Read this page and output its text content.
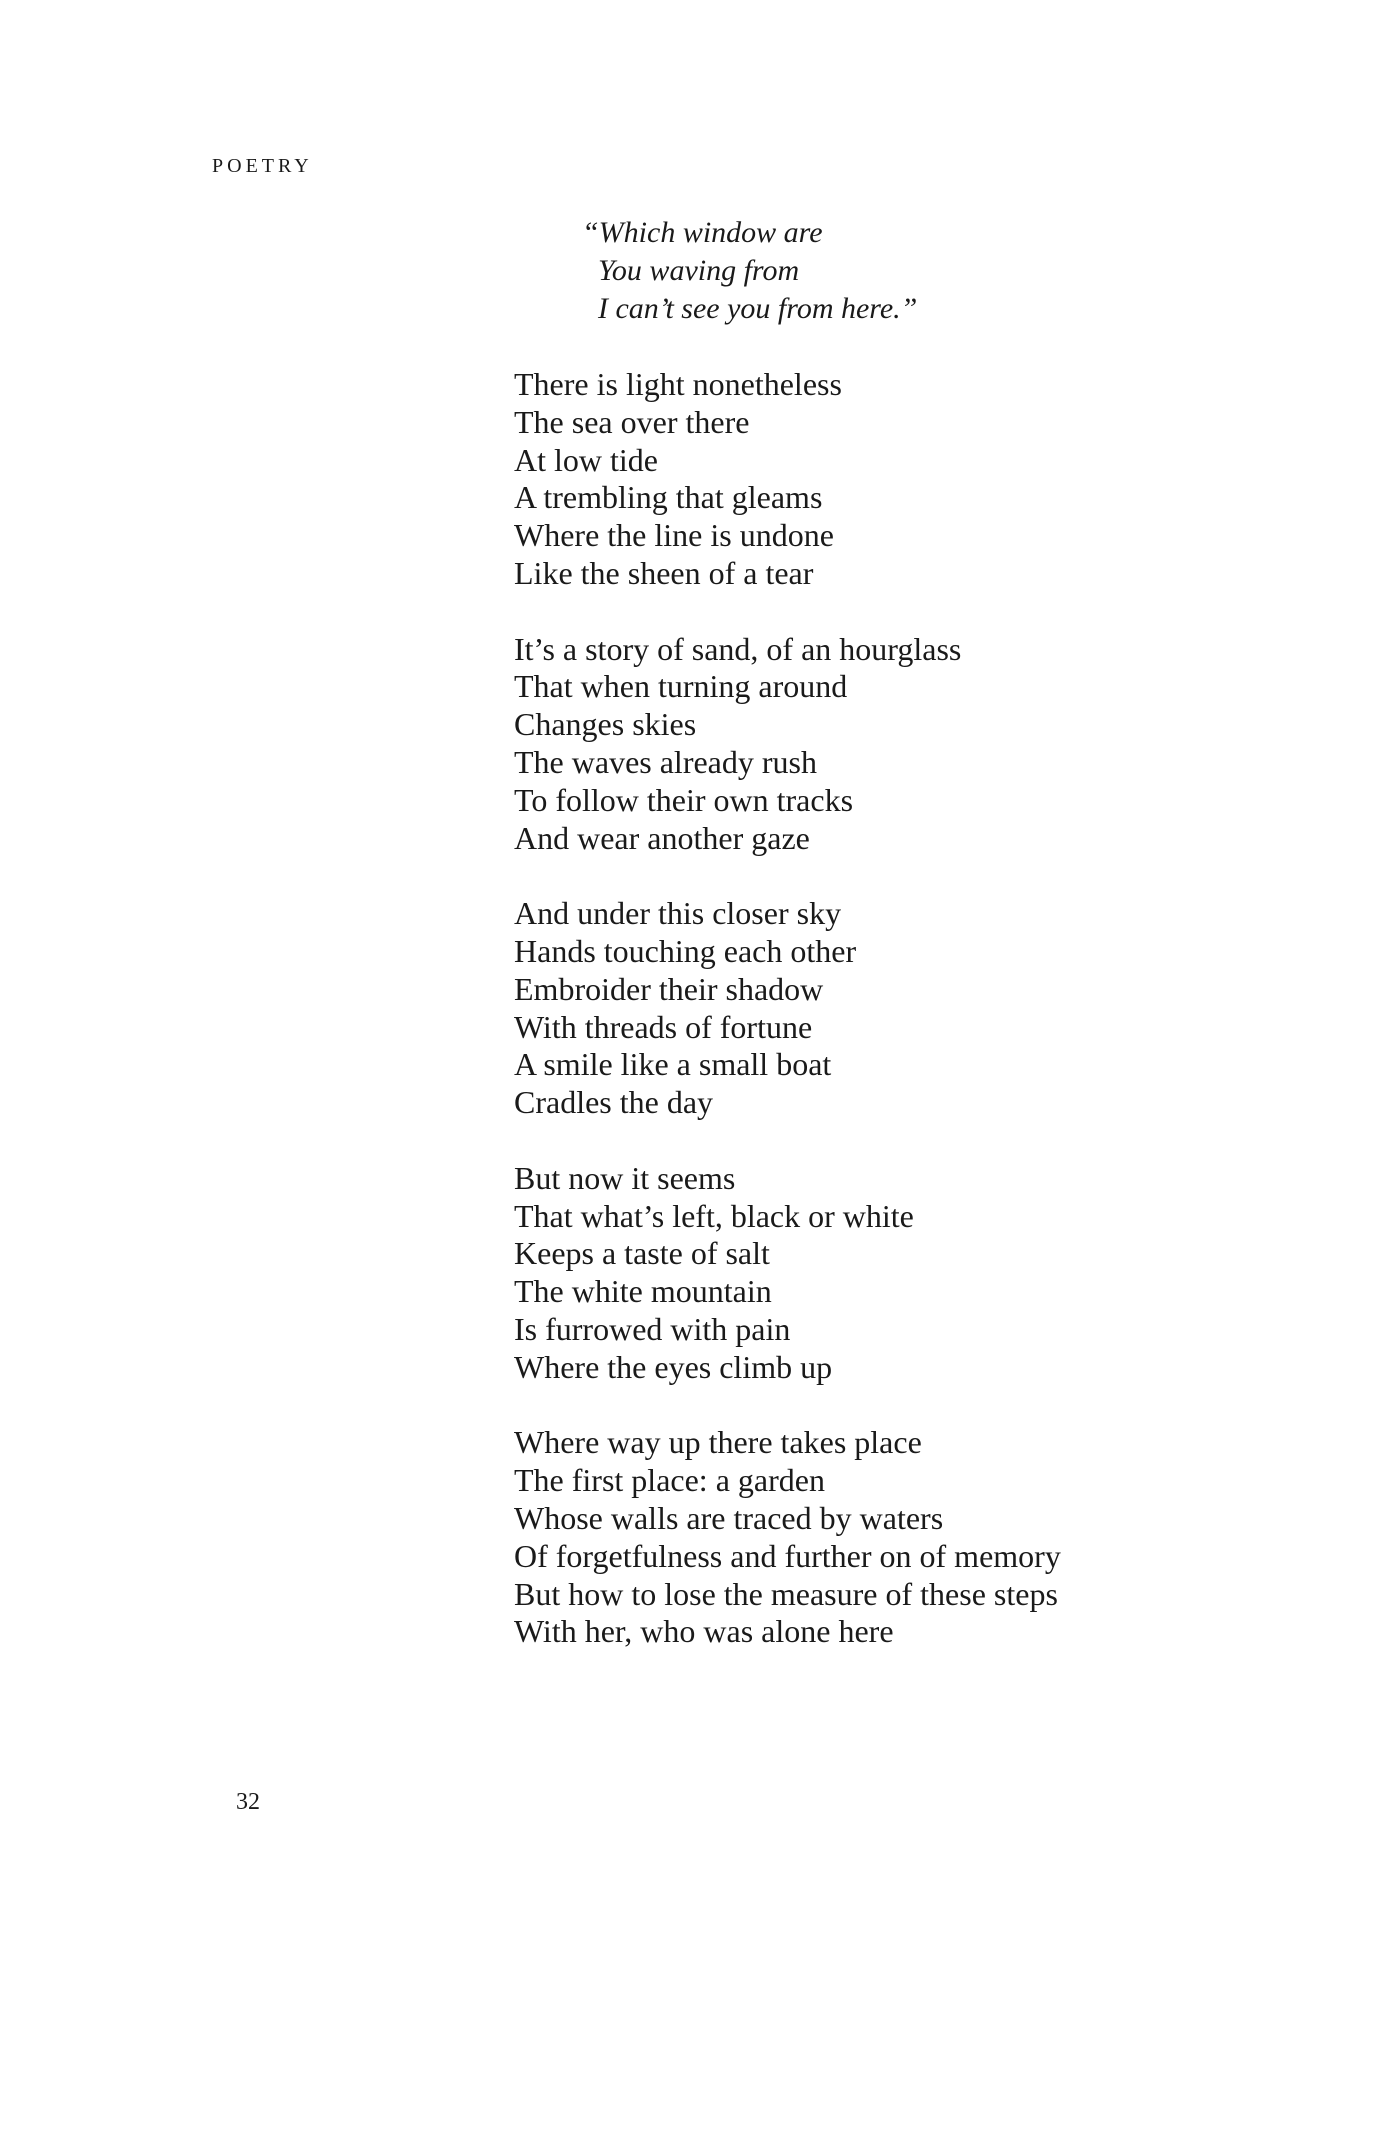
POETRY
“Which window are
You waving from
I can’t see you from here.”
There is light nonetheless
The sea over there
At low tide
A trembling that gleams
Where the line is undone
Like the sheen of a tear
It’s a story of sand, of an hourglass
That when turning around
Changes skies
The waves already rush
To follow their own tracks
And wear another gaze
And under this closer sky
Hands touching each other
Embroider their shadow
With threads of fortune
A smile like a small boat
Cradles the day
But now it seems
That what’s left, black or white
Keeps a taste of salt
The white mountain
Is furrowed with pain
Where the eyes climb up
Where way up there takes place
The first place: a garden
Whose walls are traced by waters
Of forgetfulness and further on of memory
But how to lose the measure of these steps
With her, who was alone here
32
